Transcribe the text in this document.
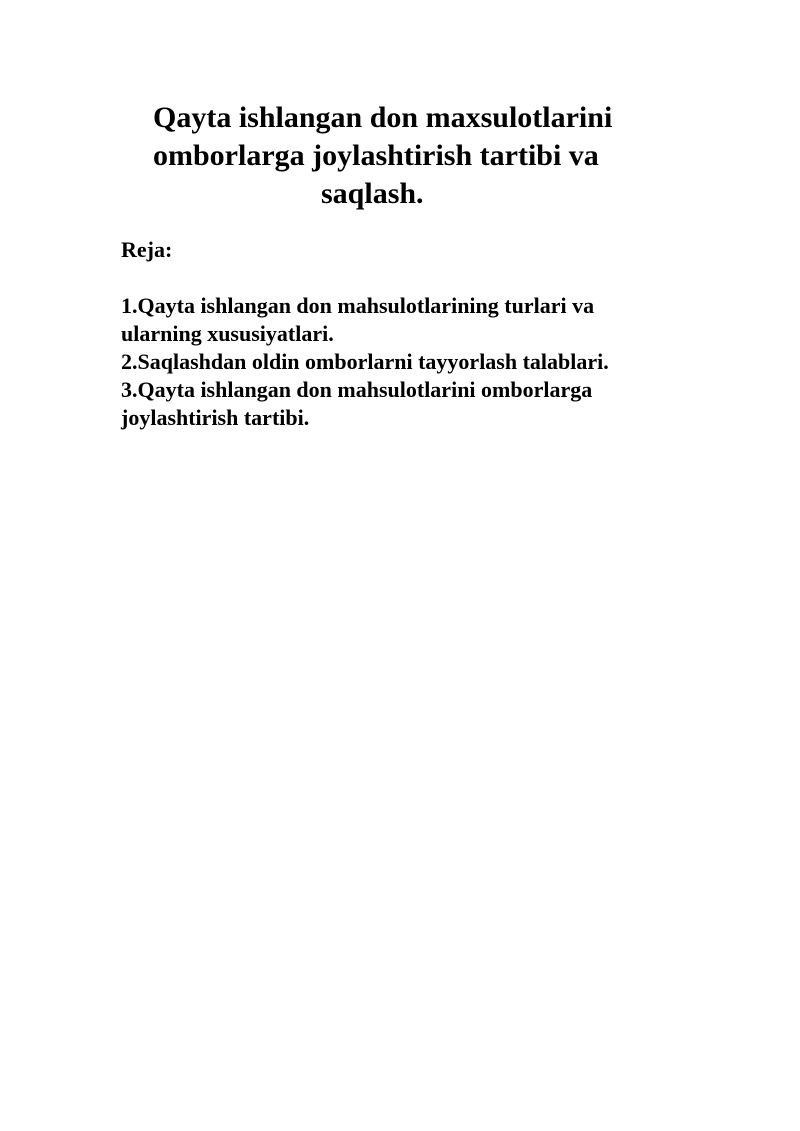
Qayta ishlangan don maxsulotlarini
omborlarga joylashtirish tartibi va
saqlash.
Reja:
1.Qayta ishlangan don mahsulotlarining turlari va
ularning xususiyatlari.
2.Saqlashdan oldin omborlarni tayyorlash talablari.
3.Qayta ishlangan don mahsulotlarini omborlarga
joylashtirish tartibi.
